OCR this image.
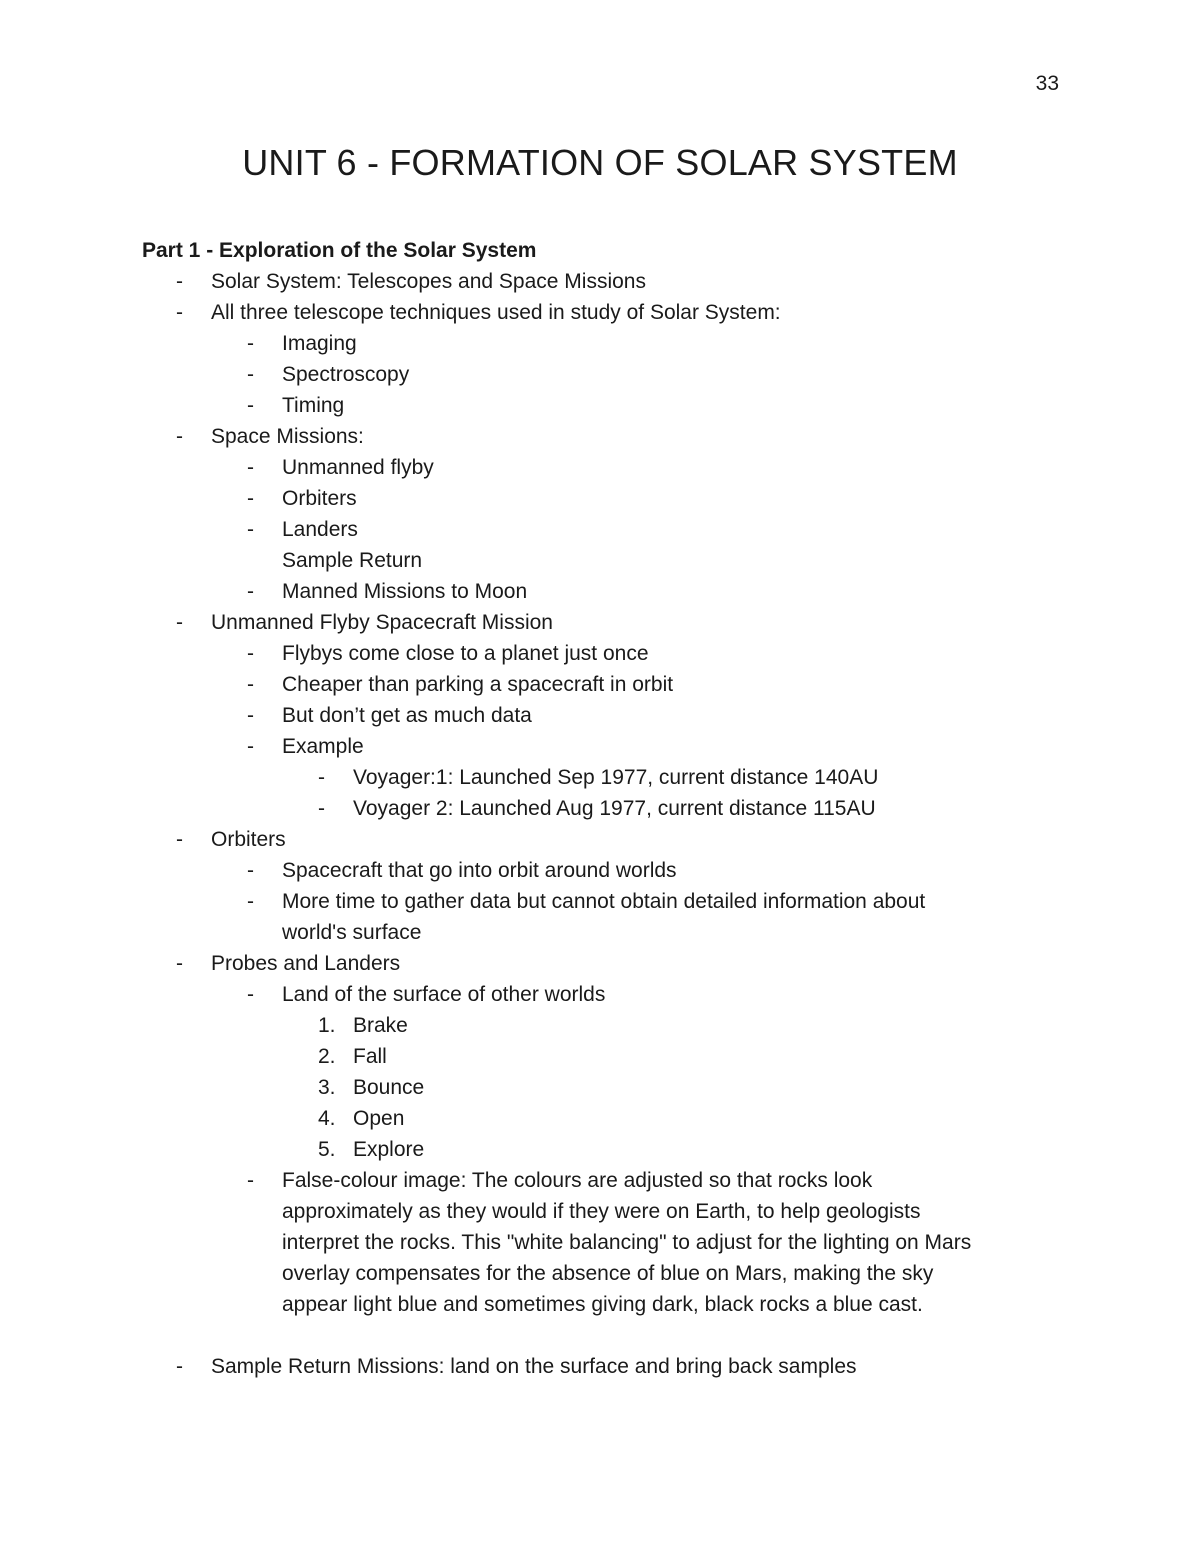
33
UNIT 6 - FORMATION OF SOLAR SYSTEM
Part 1 - Exploration of the Solar System
- Solar System: Telescopes and Space Missions
- All three telescope techniques used in study of Solar System:
- Imaging
- Spectroscopy
- Timing
- Space Missions:
- Unmanned flyby
- Orbiters
- Landers
Sample Return
- Manned Missions to Moon
- Unmanned Flyby Spacecraft Mission
- Flybys come close to a planet just once
- Cheaper than parking a spacecraft in orbit
- But don’t get as much data
- Example
- Voyager:1: Launched Sep 1977, current distance 140AU
- Voyager 2: Launched Aug 1977, current distance 115AU
- Orbiters
- Spacecraft that go into orbit around worlds
- More time to gather data but cannot obtain detailed information about
world's surface
- Probes and Landers
- Land of the surface of other worlds
1. Brake
2. Fall
3. Bounce
4. Open
5. Explore
- False-colour image: The colours are adjusted so that rocks look
approximately as they would if they were on Earth, to help geologists
interpret the rocks. This "white balancing" to adjust for the lighting on Mars
overlay compensates for the absence of blue on Mars, making the sky
appear light blue and sometimes giving dark, black rocks a blue cast.
- Sample Return Missions: land on the surface and bring back samples
